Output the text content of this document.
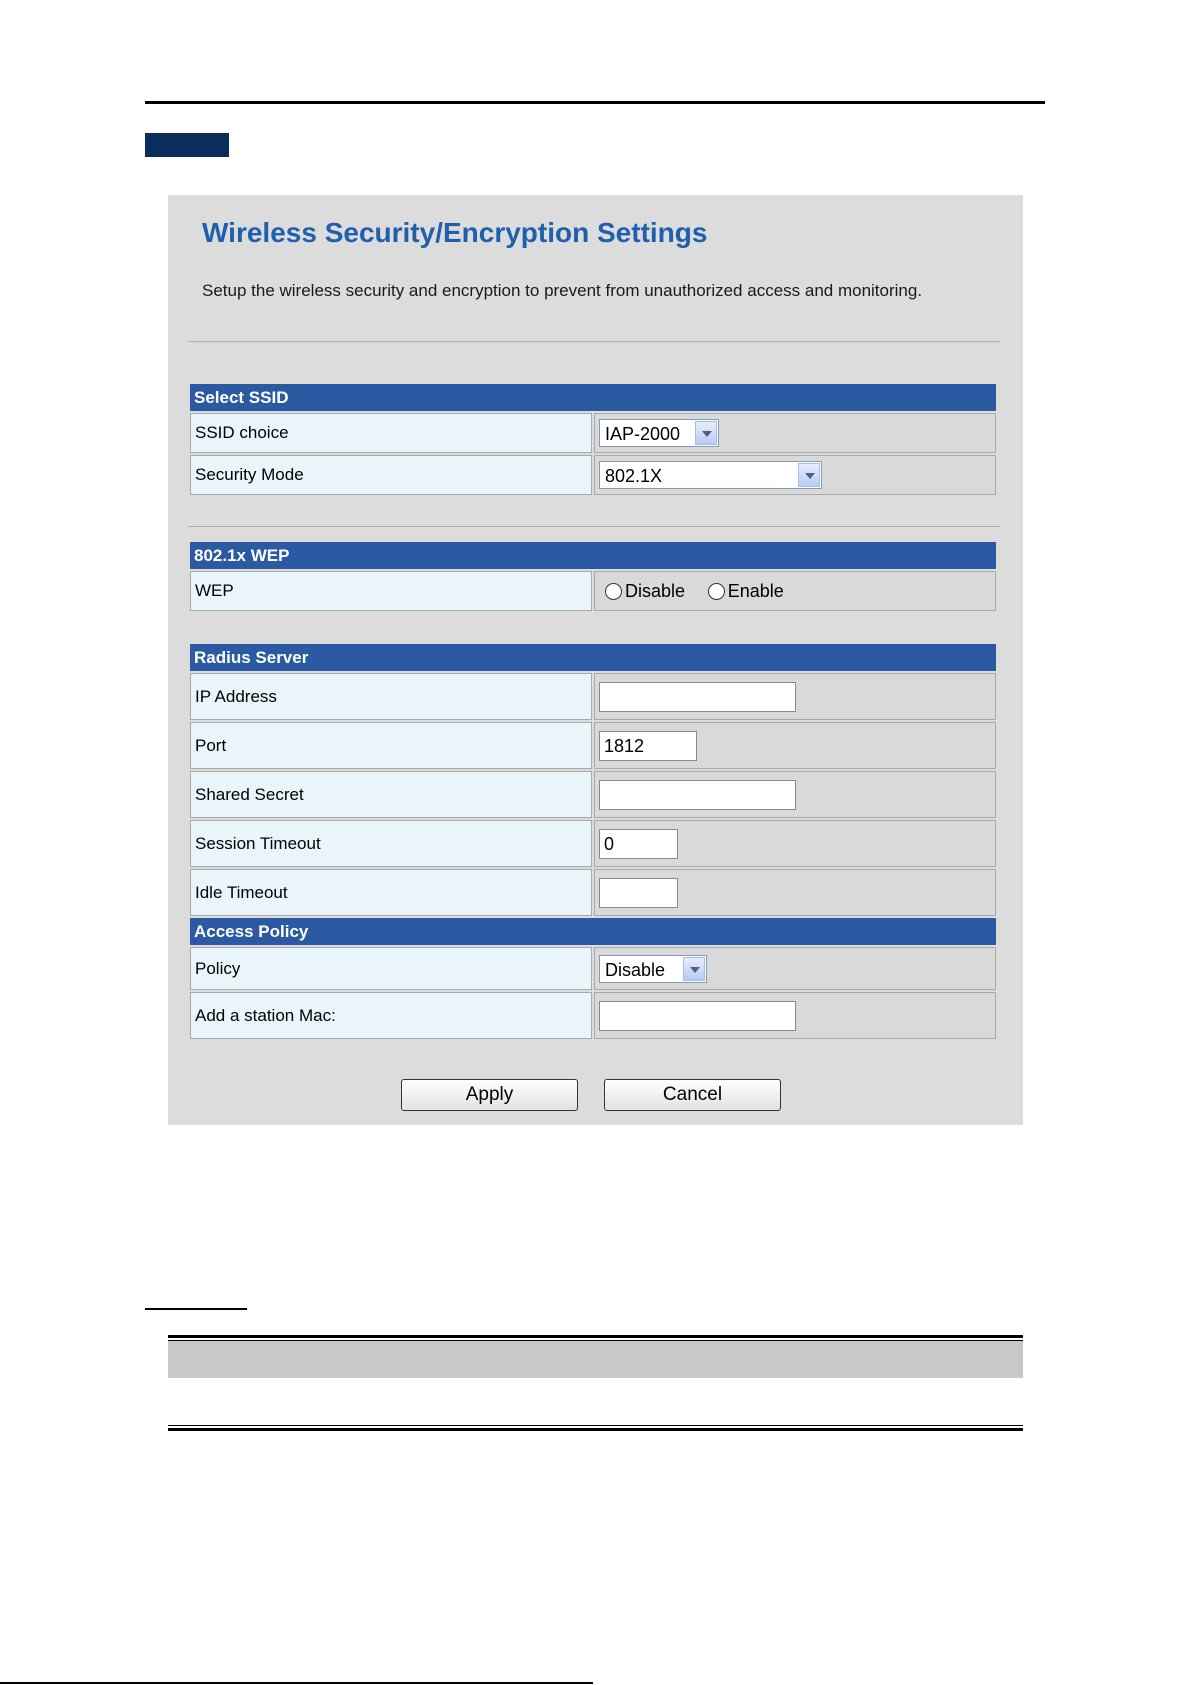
Wireless Security/Encryption Settings
Setup the wireless security and encryption to prevent from unauthorized access and monitoring.
Select SSID	
SSID choice	IAP-2000

Security Mode	802.1X
802.1x WEP
WEP	Disable Enable
Radius Server	
IP Address	
Port	1812
Shared Secret	
Session Timeout	0
Idle Timeout	
Access Policy	
Policy	Disable

Add a station Mac:	
Apply	Cancel
